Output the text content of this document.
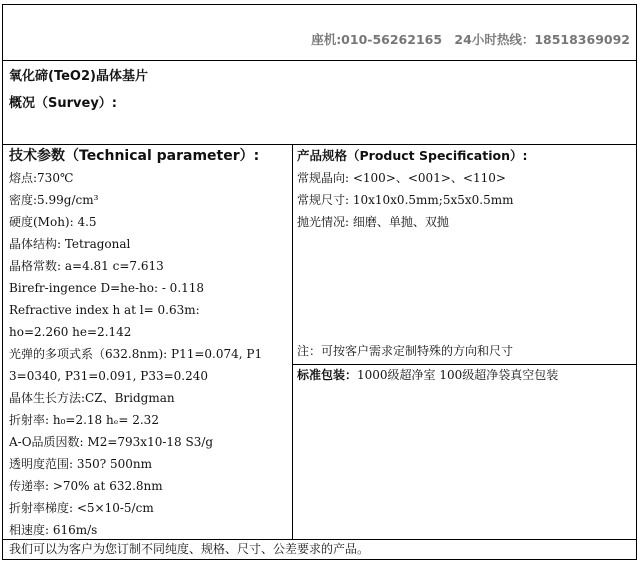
座机:010-56262165 24小时热线：18518369092
氧化碲(TeO2)晶体基片
概况（Survey）:
技术参数（Technical parameter）:
熔点:730℃
密度:5.99g/cm³
硬度(Moh): 4.5
晶体结构: Tetragonal
晶格常数: a=4.81 c=7.613
Birefr-ingence D=he-ho: - 0.118
Refractive index h at l= 0.63m:
ho=2.260 he=2.142
光弹的多项式系（632.8nm): P11=0.074, P1
3=0340, P31=0.091, P33=0.240
晶体生长方法:CZ、Bridgman
折射率: h₀=2.18 hₑ= 2.32
A-O品质因数: M2=793x10-18 S3/g
透明度范围: 350? 500nm
传递率: >70% at 632.8nm
折射率梯度: <5×10-5/cm
相速度: 616m/s
产品规格（Product Specification）:
常规晶向: <100>、<001>、<110>
常规尺寸: 10x10x0.5mm;5x5x0.5mm
抛光情况: 细磨、单抛、双抛
注：可按客户需求定制特殊的方向和尺寸
标准包装：1000级超净室 100级超净袋真空包装
我们可以为客户为您订制不同纯度、规格、尺寸、公差要求的产品。
